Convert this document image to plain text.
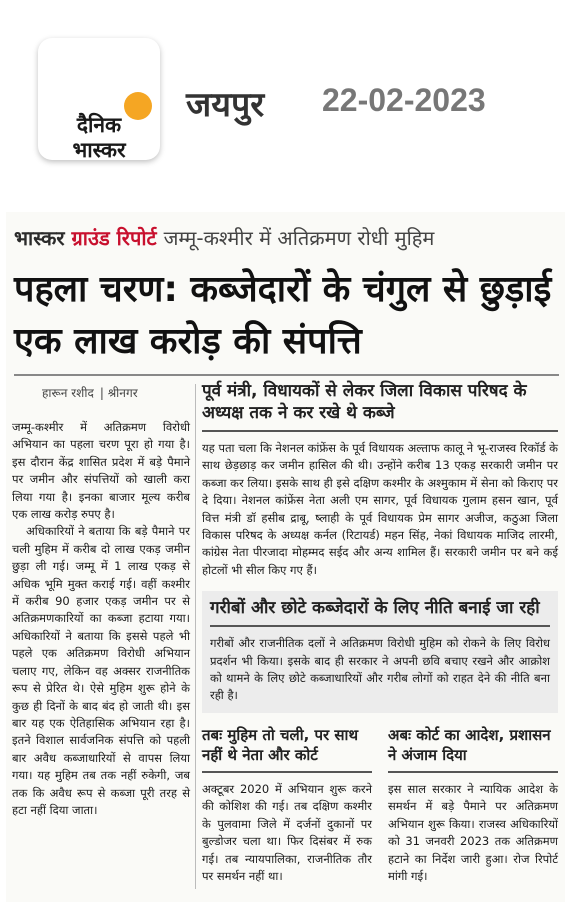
दैनिक
भास्कर
जयपुर 22-02-2023
भास्कर ग्राउंड रिपोर्ट जम्मू-कश्मीर में अतिक्रमण रोधी मुहिम
पहला चरण: कब्जेदारों के चंगुल से छुड़ाई एक लाख करोड़ की संपत्ति
हारून रशीद | श्रीनगर

जम्मू-कश्मीर में अतिक्रमण विरोधी अभियान का पहला चरण पूरा हो गया है। इस दौरान केंद्र शासित प्रदेश में बड़े पैमाने पर जमीन और संपत्तियों को खाली करा लिया गया है। इनका बाजार मूल्य करीब एक लाख करोड़ रुपए है।

अधिकारियों ने बताया कि बड़े पैमाने पर चली मुहिम में करीब दो लाख एकड़ जमीन छुड़ा ली गई। जम्मू में 1 लाख एकड़ से अधिक भूमि मुक्त कराई गई। वहीं कश्मीर में करीब 90 हजार एकड़ जमीन पर से अतिक्रमणकारियों का कब्जा हटाया गया। अधिकारियों ने बताया कि इससे पहले भी पहले एक अतिक्रमण विरोधी अभियान चलाए गए, लेकिन वह अक्सर राजनीतिक रूप से प्रेरित थे। ऐसे मुहिम शुरू होने के कुछ ही दिनों के बाद बंद हो जाती थी। इस बार यह एक ऐतिहासिक अभियान रहा है। इतने विशाल सार्वजनिक संपत्ति को पहली बार अवैध कब्जाधारियों से वापस लिया गया। यह मुहिम तब तक नहीं रुकेगी, जब तक कि अवैध रूप से कब्जा पूरी तरह से हटा नहीं दिया जाता।

पूर्व मंत्री, विधायकों से लेकर जिला विकास परिषद के अध्यक्ष तक ने कर रखे थे कब्जे
यह पता चला कि नेशनल कांफ्रेंस के पूर्व विधायक अल्ताफ कालू ने भू-राजस्व रिकॉर्ड के साथ छेड़छाड़ कर जमीन हासिल की थी। उन्होंने करीब 13 एकड़ सरकारी जमीन पर कब्जा कर लिया। इसके साथ ही इसे दक्षिण कश्मीर के अश्मुकाम में सेना को किराए पर दे दिया। नेशनल कांफ्रेंस नेता अली एम सागर, पूर्व विधायक गुलाम हसन खान, पूर्व वित्त मंत्री डॉ हसीब द्राबू, ष्लाही के पूर्व विधायक प्रेम सागर अजीज, कठुआ जिला विकास परिषद के अध्यक्ष कर्नल (रिटायर्ड) महन सिंह, नेकां विधायक माजिद लारमी, कांग्रेस नेता पीरजादा मोहम्मद सईद और अन्य शामिल हैं। सरकारी जमीन पर बने कई होटलों भी सील किए गए हैं।
गरीबों और छोटे कब्जेदारों के लिए नीति बनाई जा रही
गरीबों और राजनीतिक दलों ने अतिक्रमण विरोधी मुहिम को रोकने के लिए विरोध प्रदर्शन भी किया। इसके बाद ही सरकार ने अपनी छवि बचाए रखने और आक्रोश को थामने के लिए छोटे कब्जाधारियों और गरीब लोगों को राहत देने की नीति बना रही है।
तबः मुहिम तो चली, पर साथ नहीं थे नेता और कोर्ट
अक्टूबर 2020 में अभियान शुरू करने की कोशिश की गई। तब दक्षिण कश्मीर के पुलवामा जिले में दर्जनों दुकानों पर बुल्डोजर चला था। फिर दिसंबर में रुक गई। तब न्यायपालिका, राजनीतिक तौर पर समर्थन नहीं था।
अबः कोर्ट का आदेश, प्रशासन ने अंजाम दिया
इस साल सरकार ने न्यायिक आदेश के समर्थन में बड़े पैमाने पर अतिक्रमण अभियान शुरू किया। राजस्व अधिकारियों को 31 जनवरी 2023 तक अतिक्रमण हटाने का निर्देश जारी हुआ। रोज रिपोर्ट मांगी गई।
